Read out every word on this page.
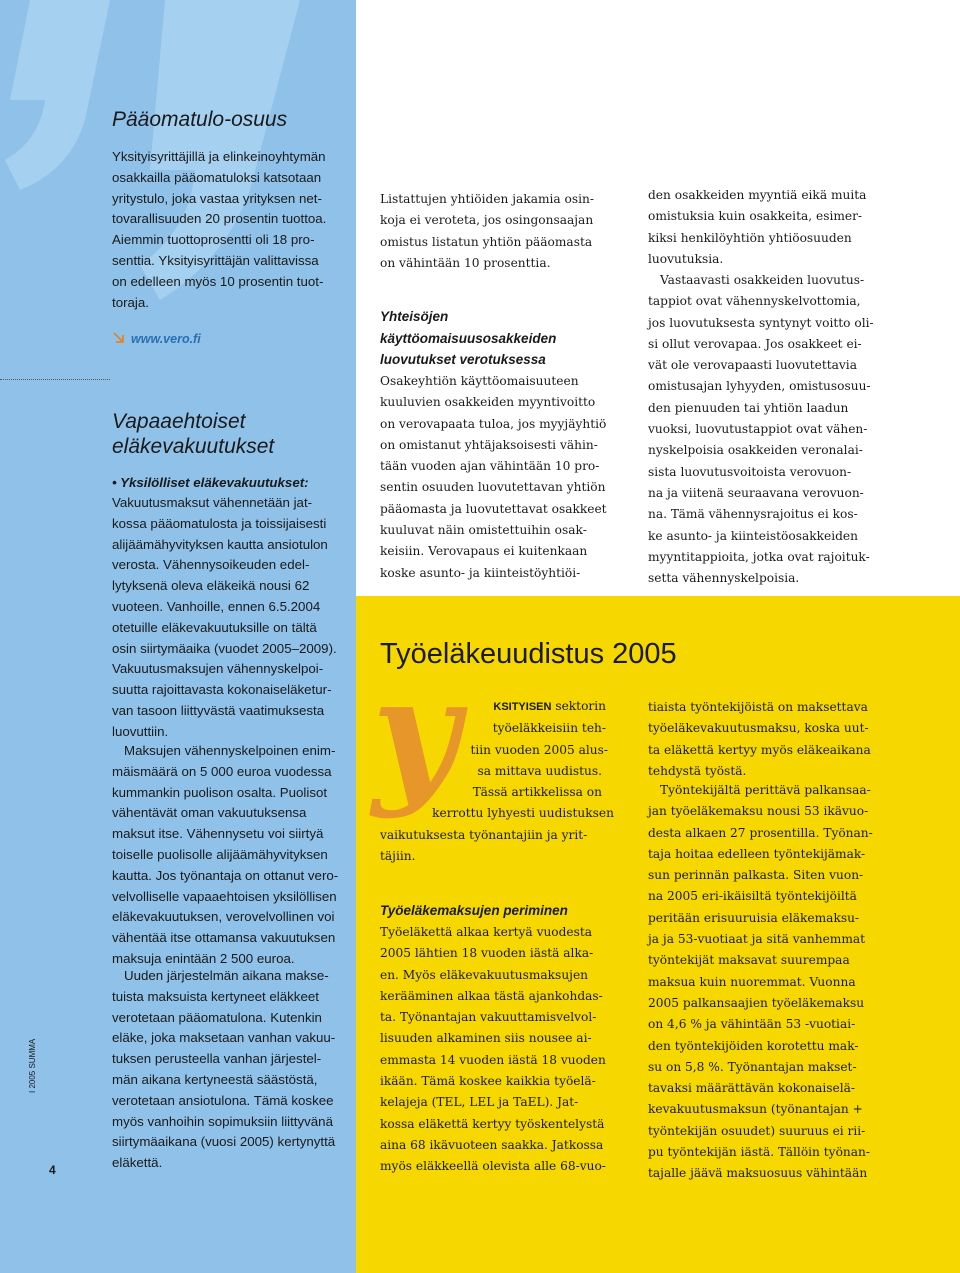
Pääomatulo-osuus
Yksityisyrittäjillä ja elinkeinoyhtymän
osakkailla pääomatuloksi katsotaan
yritystulo, joka vastaa yrityksen net-
tovarallisuuden 20 prosentin tuottoa.
Aiemmin tuottoprosentti oli 18 pro-
senttia. Yksityisyrittäjän valittavissa
on edelleen myös 10 prosentin tuot-
toraja.
www.vero.fi
Vapaaehtoiset
eläkevakuutukset
• Yksilölliset eläkevakuutukset:
Vakuutusmaksut vähennetään jat-
kossa pääomatulosta ja toissijaisesti
alijäämähyvityksen kautta ansiotulon
verosta. Vähennysoikeuden edel-
lytyksenä oleva eläkeikä nousi 62
vuoteen. Vanhoille, ennen 6.5.2004
otetuille eläkevakuutuksille on tältä
osin siirtymäaika (vuodet 2005–2009).
Vakuutusmaksujen vähennyskelpoi-
suutta rajoittavasta kokonaiseläketur-
van tasoon liittyvästä vaatimuksesta
luovuttiin.
Maksujen vähennyskelpoinen enim-
mäismäärä on 5 000 euroa vuodessa
kummankin puolison osalta. Puolisot
vähentävät oman vakuutuksensa
maksut itse. Vähennysetu voi siirtyä
toiselle puolisolle alijäämähyvityksen
kautta. Jos työnantaja on ottanut vero-
velvolliselle vapaaehtoisen yksilöllisen
eläkevakuutuksen, verovelvollinen voi
vähentää itse ottamansa vakuutuksen
maksuja enintään 2 500 euroa.
Uuden järjestelmän aikana makse-
tuista maksuista kertyneet eläkkeet
verotetaan pääomatulona. Kutenkin
eläke, joka maksetaan vanhan vakuu-
tuksen perusteella vanhan järjestel-
män aikana kertyneestä säästöstä,
verotetaan ansiotulona. Tämä koskee
myös vanhoihin sopimuksiin liittyvänä
siirtymäaikana (vuosi 2005) kertynyttä
eläkettä.
I 2005 SUMMA
4
Listattujen yhtiöiden jakamia osin-
koja ei veroteta, jos osingonsaajan
omistus listatun yhtiön pääomasta
on vähintään 10 prosenttia.
Yhteisöjen
käyttöomaisuusosakkeiden
luovutukset verotuksessa
Osakeyhtiön käyttöomaisuuteen
kuuluvien osakkeiden myyntivoitto
on verovapaata tuloa, jos myyjäyhtiö
on omistanut yhtäjaksoisesti vähin-
tään vuoden ajan vähintään 10 pro-
sentin osuuden luovutettavan yhtiön
pääomasta ja luovutettavat osakkeet
kuuluvat näin omistettuihin osak-
keisiin. Verovapaus ei kuitenkaan
koske asunto- ja kiinteistöyhtiöi-
den osakkeiden myyntiä eikä muita
omistuksia kuin osakkeita, esimer-
kiksi henkilöyhtiön yhtiöosuuden
luovutuksia.
Vastaavasti osakkeiden luovutus-
tappiot ovat vähennyskelvottomia,
jos luovutuksesta syntynyt voitto oli-
si ollut verovapaa. Jos osakkeet ei-
vät ole verovapaasti luovutettavia
omistusajan lyhyyden, omistusosuu-
den pienuuden tai yhtiön laadun
vuoksi, luovutustappiot ovat vähen-
nyskelpoisia osakkeiden veronalai-
sista luovutusvoitoista verovuon-
na ja viitenä seuraavana verovuon-
na. Tämä vähennysrajoitus ei kos-
ke asunto- ja kiinteistöosakkeiden
myyntitappioita, jotka ovat rajoituk-
setta vähennyskelpoisia.
Työeläkeuudistus 2005
y	KSITYISEN sektorin
työeläkkeisiin teh-
tiin vuoden 2005 alus-
sa mittava uudistus.
Tässä artikkelissa on
kerrottu lyhyesti uudistuksen
vaikutuksesta työnantajiin ja yrit-
täjiin.
Työeläkemaksujen periminen
Työeläkettä alkaa kertyä vuodesta
2005 lähtien 18 vuoden iästä alka-
en. Myös eläkevakuutusmaksujen
kerääminen alkaa tästä ajankohdas-
ta. Työnantajan vakuuttamisvelvol-
lisuuden alkaminen siis nousee ai-
emmasta 14 vuoden iästä 18 vuoden
ikään. Tämä koskee kaikkia työelä-
kelajeja (TEL, LEL ja TaEL). Jat-
kossa eläkettä kertyy työskentelystä
aina 68 ikävuoteen saakka. Jatkossa
myös eläkkeellä olevista alle 68-vuo-
tiaista työntekijöistä on maksettava
työeläkevakuutusmaksu, koska uut-
ta eläkettä kertyy myös eläkeaikana
tehdystä työstä.
Työntekijältä perittävä palkansaa-
jan työeläkemaksu nousi 53 ikävuo-
desta alkaen 27 prosentilla. Työnan-
taja hoitaa edelleen työntekijämak-
sun perinnän palkasta. Siten vuon-
na 2005 eri-ikäisiltä työntekijöiltä
peritään erisuuruisia eläkemaksu-
ja ja 53-vuotiaat ja sitä vanhemmat
työntekijät maksavat suurempaa
maksua kuin nuoremmat. Vuonna
2005 palkansaajien työeläkemaksu
on 4,6 % ja vähintään 53 -vuotiai-
den työntekijöiden korotettu mak-
su on 5,8 %. Työnantajan makset-
tavaksi määrättävän kokonaiselä-
kevakuutusmaksun (työnantajan +
työntekijän osuudet) suuruus ei rii-
pu työntekijän iästä. Tällöin työnan-
tajalle jäävä maksuosuus vähintään
